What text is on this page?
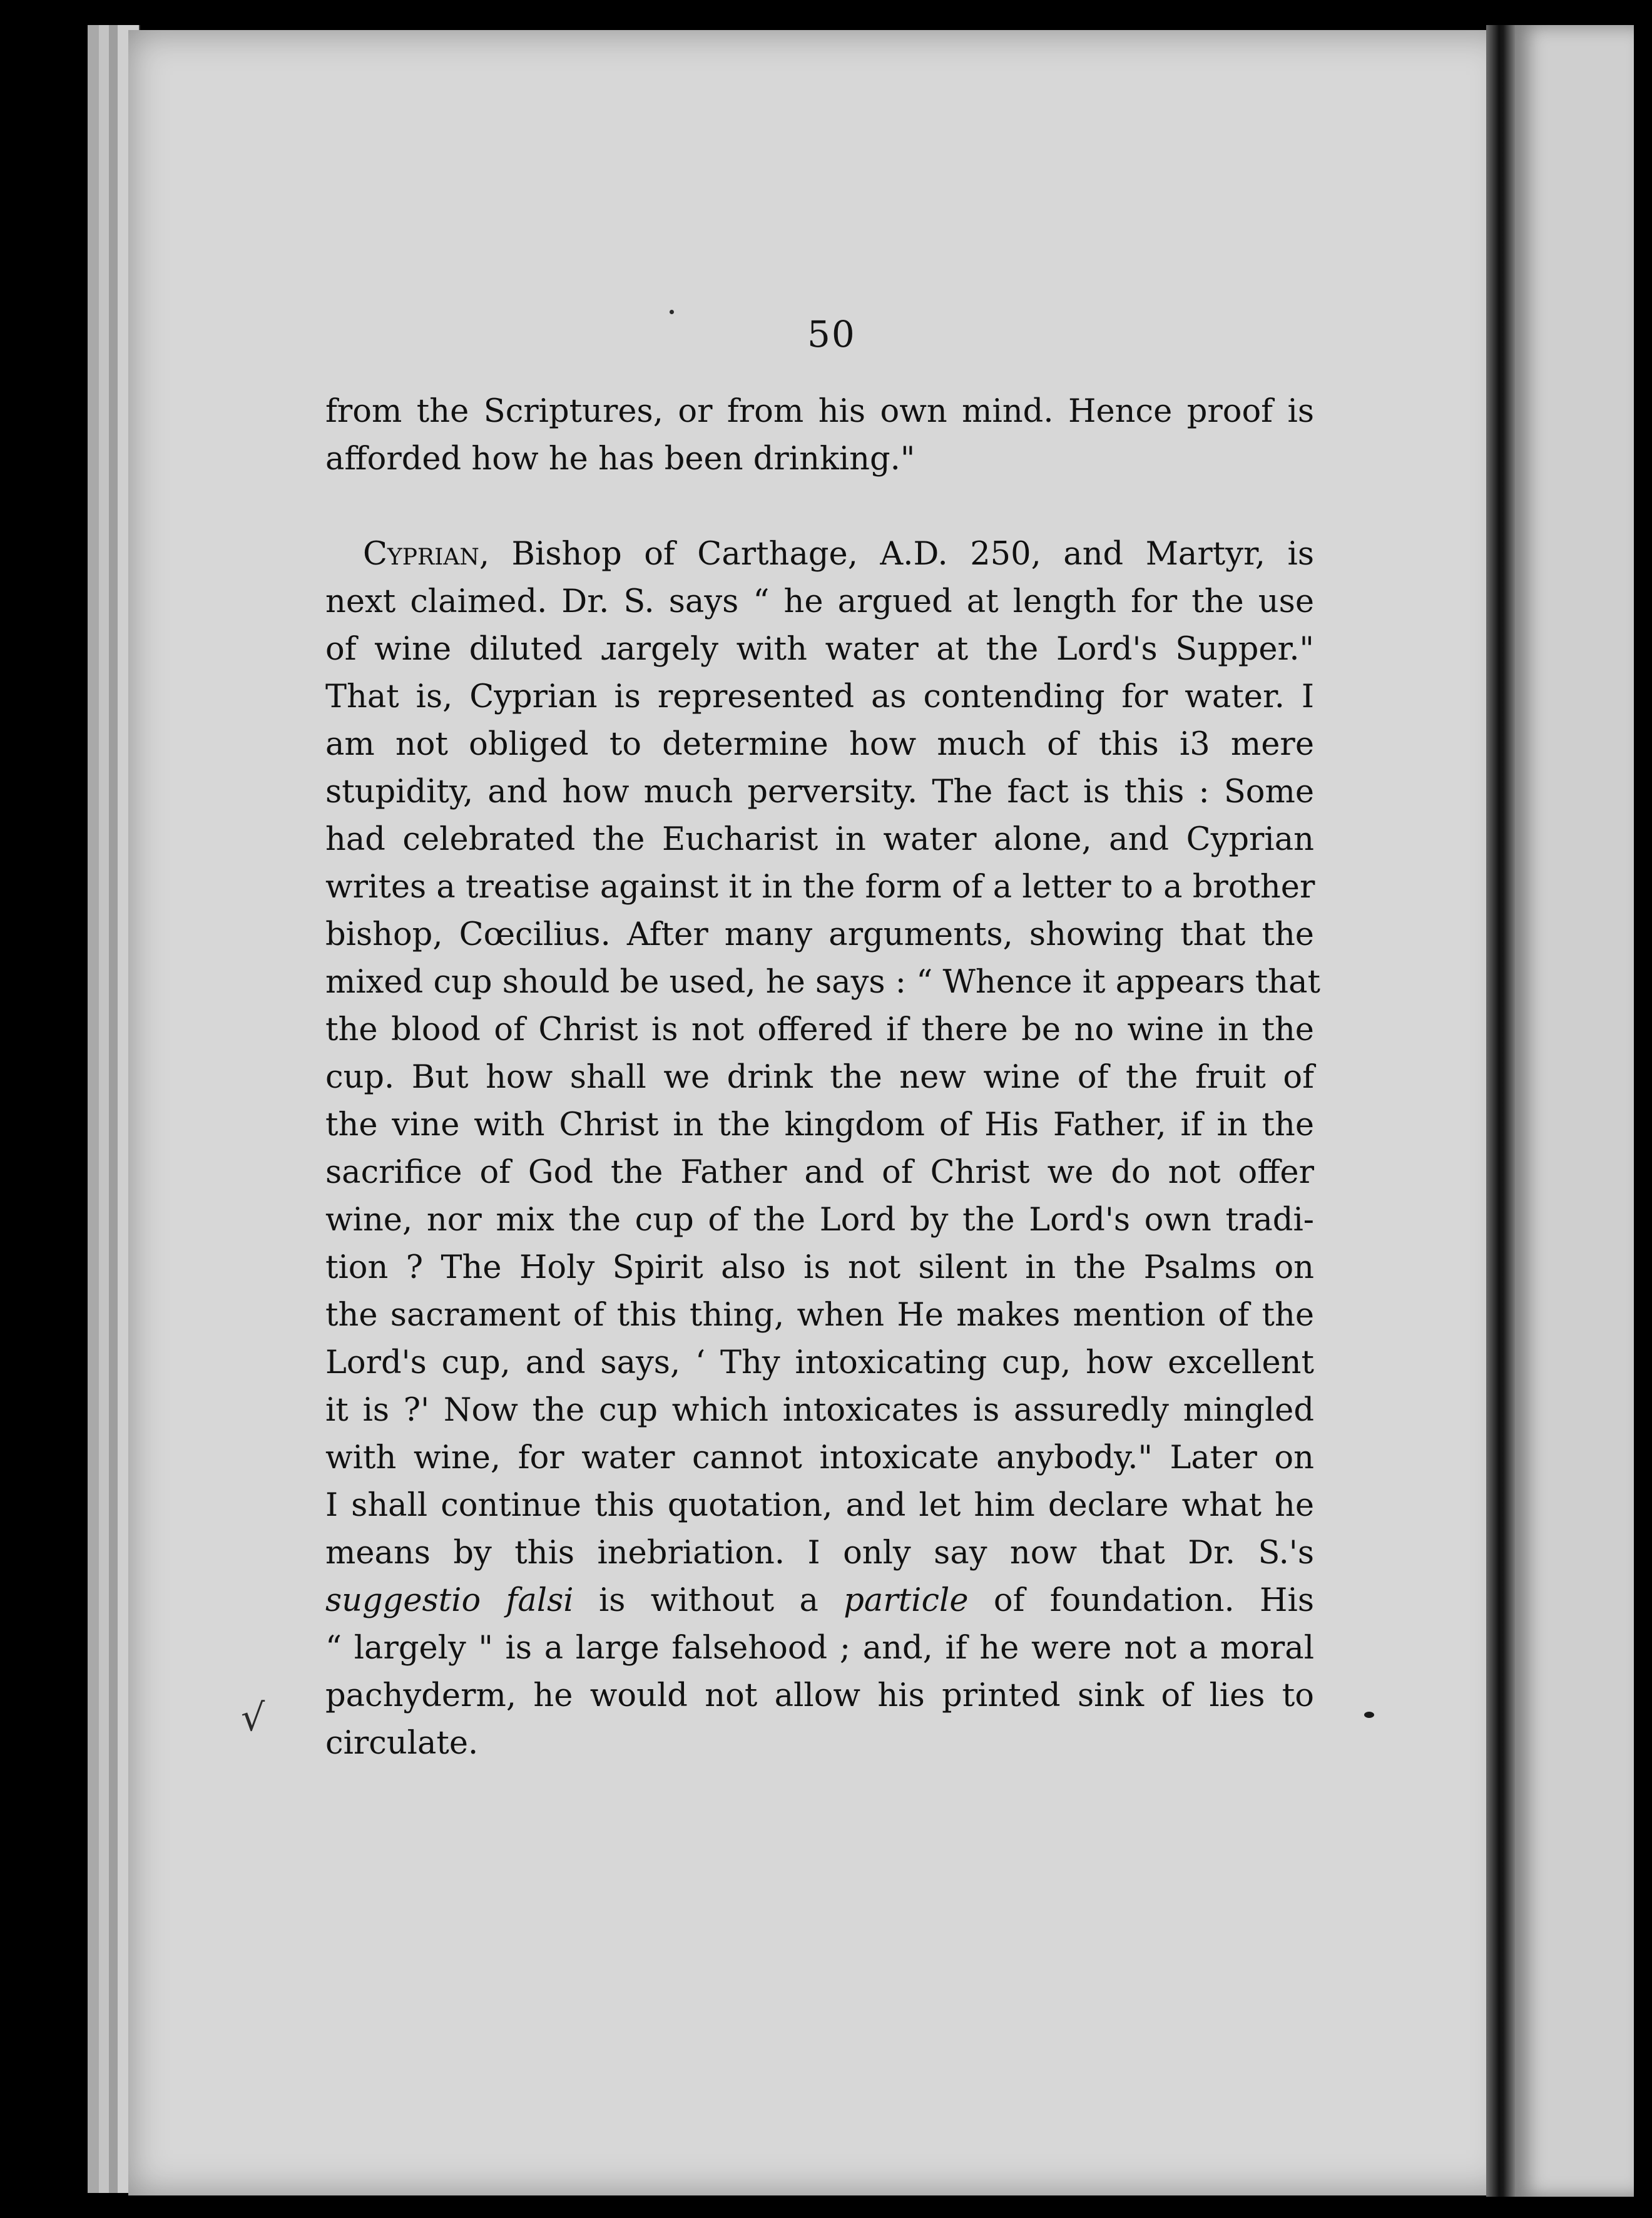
50
from the Scriptures, or from his own mind. Hence proof is
afforded how he has been drinking."
Cyprian, Bishop of Carthage, A.D. 250, and Martyr, is
next claimed. Dr. S. says “ he argued at length for the use
of wine diluted ɹargely with water at the Lord's Supper."
That is, Cyprian is represented as contending for water. I
am not obliged to determine how much of this i3 mere
stupidity, and how much perversity. The fact is this : Some
had celebrated the Eucharist in water alone, and Cyprian
writes a treatise against it in the form of a letter to a brother
bishop, Cœcilius. After many arguments, showing that the
mixed cup should be used, he says : “ Whence it appears that
the blood of Christ is not offered if there be no wine in the
cup. But how shall we drink the new wine of the fruit of
the vine with Christ in the kingdom of His Father, if in the
sacrifice of God the Father and of Christ we do not offer
wine, nor mix the cup of the Lord by the Lord's own tradi-
tion ? The Holy Spirit also is not silent in the Psalms on
the sacrament of this thing, when He makes mention of the
Lord's cup, and says, ‘ Thy intoxicating cup, how excellent
it is ?' Now the cup which intoxicates is assuredly mingled
with wine, for water cannot intoxicate anybody." Later on
I shall continue this quotation, and let him declare what he
means by this inebriation. I only say now that Dr. S.'s
suggestio falsi is without a particle of foundation. His
“ largely " is a large falsehood ; and, if he were not a moral
pachyderm, he would not allow his printed sink of lies to
circulate.
√
